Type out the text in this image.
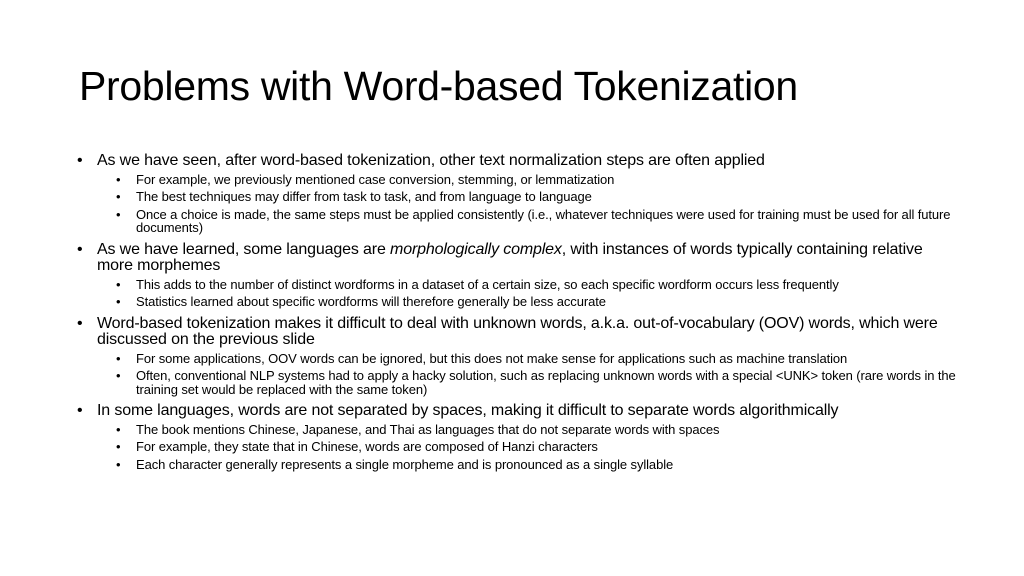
Problems with Word-based Tokenization
• As we have seen, after word-based tokenization, other text normalization steps are often applied
• For example, we previously mentioned case conversion, stemming, or lemmatization
• The best techniques may differ from task to task, and from language to language
• Once a choice is made, the same steps must be applied consistently (i.e., whatever techniques were used for training must be used for all future documents)
• As we have learned, some languages are morphologically complex, with instances of words typically containing relative more morphemes
• This adds to the number of distinct wordforms in a dataset of a certain size, so each specific wordform occurs less frequently
• Statistics learned about specific wordforms will therefore generally be less accurate
• Word-based tokenization makes it difficult to deal with unknown words, a.k.a. out-of-vocabulary (OOV) words, which were discussed on the previous slide
• For some applications, OOV words can be ignored, but this does not make sense for applications such as machine translation
• Often, conventional NLP systems had to apply a hacky solution, such as replacing unknown words with a special <UNK> token (rare words in the training set would be replaced with the same token)
• In some languages, words are not separated by spaces, making it difficult to separate words algorithmically
• The book mentions Chinese, Japanese, and Thai as languages that do not separate words with spaces
• For example, they state that in Chinese, words are composed of Hanzi characters
• Each character generally represents a single morpheme and is pronounced as a single syllable
